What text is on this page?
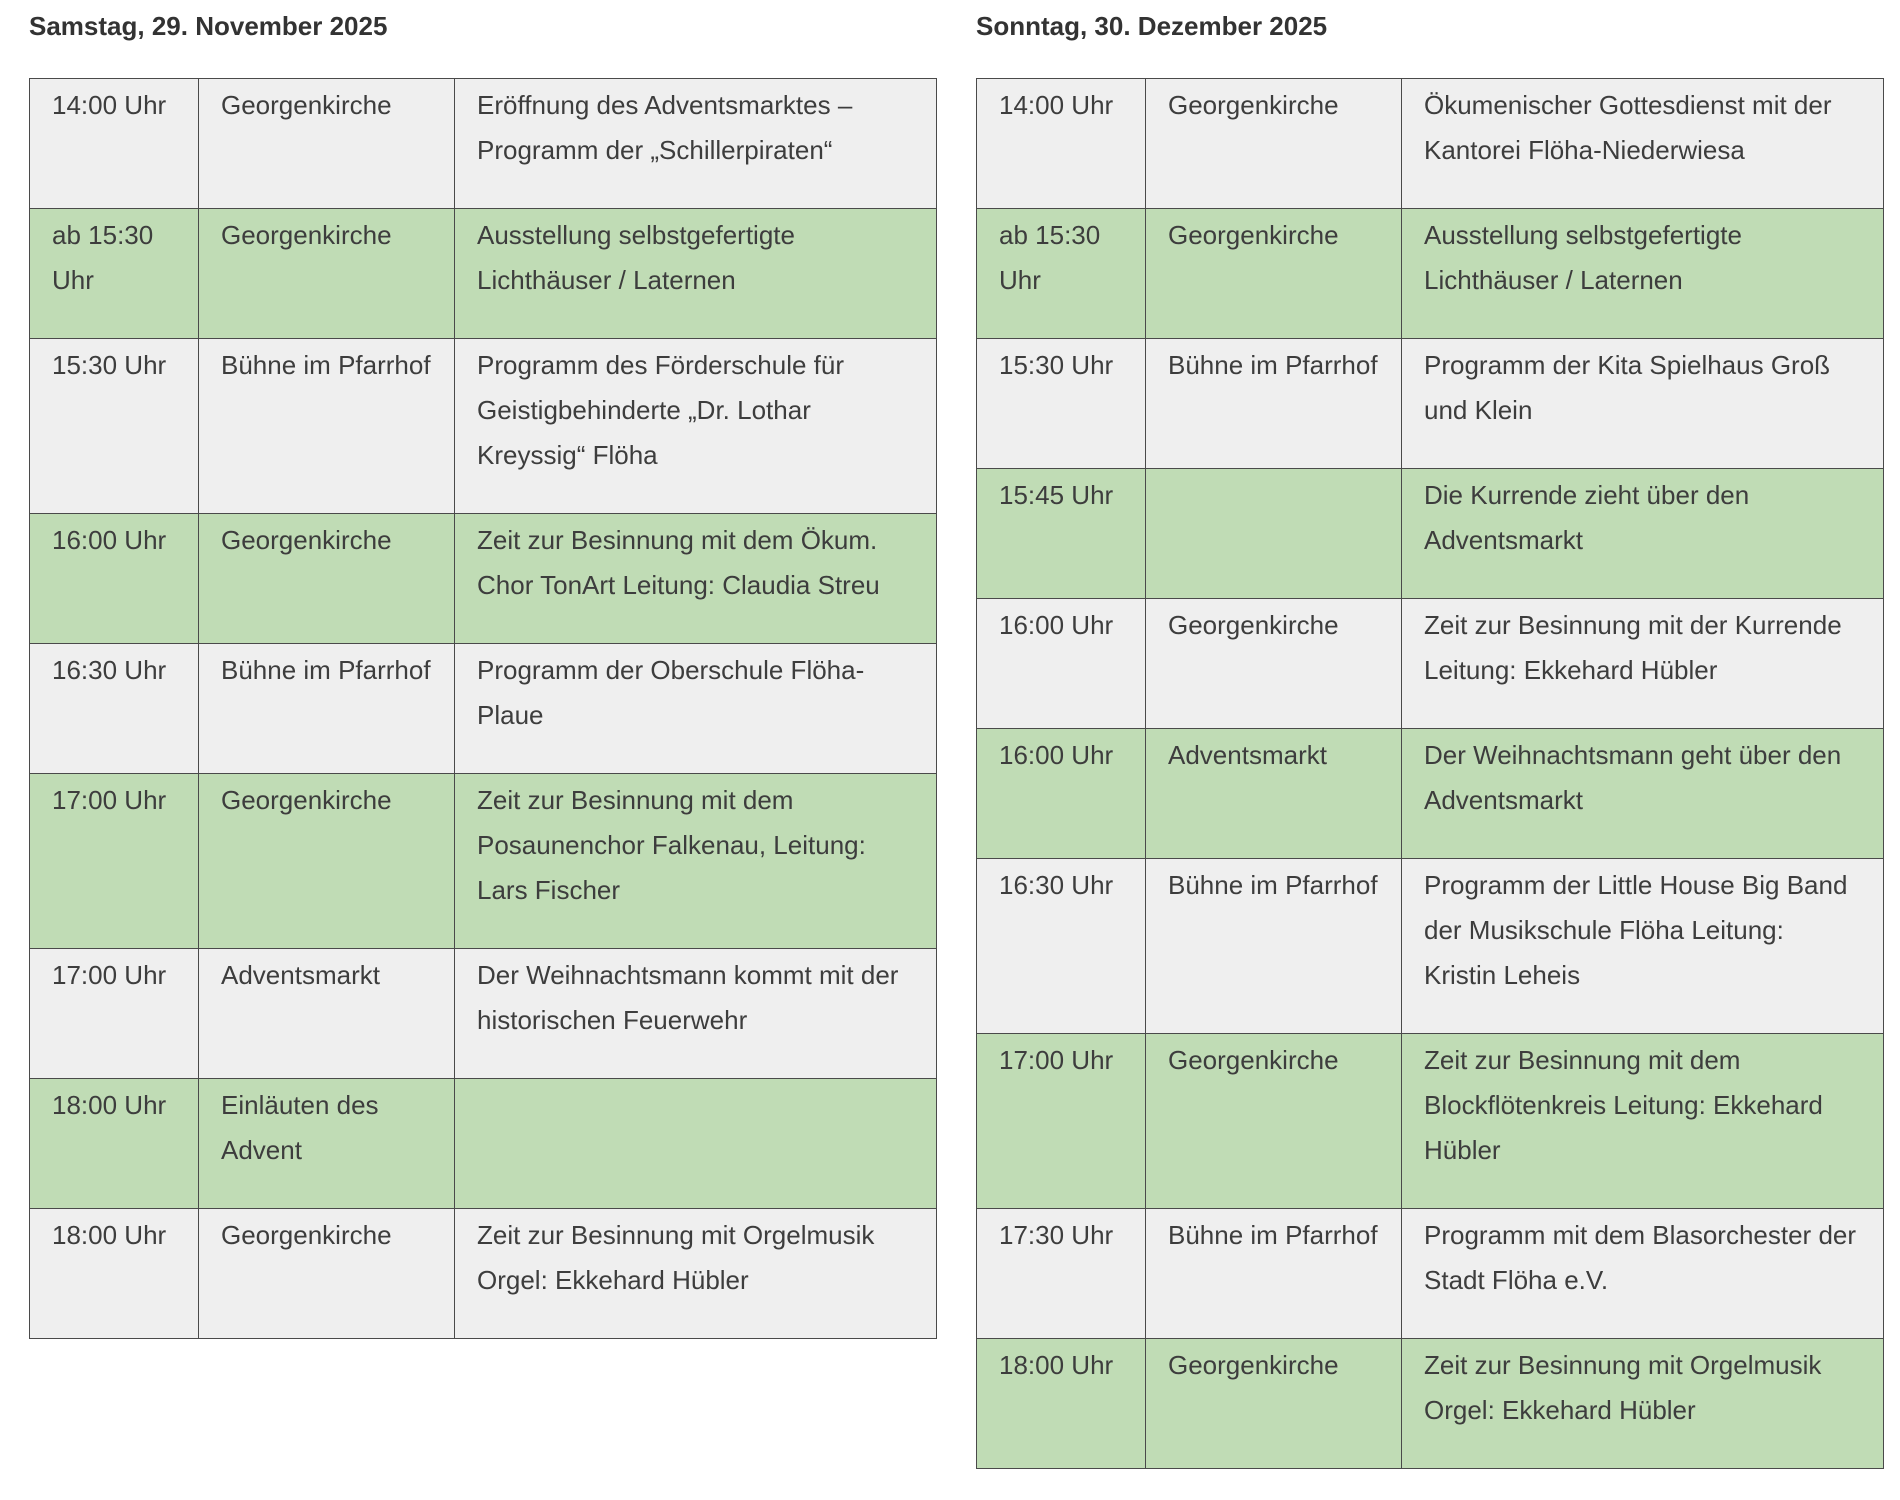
Samstag, 29. November 2025
14:00 Uhr	Georgenkirche	Eröffnung des Adventsmarktes – Programm der „Schillerpiraten“
ab 15:30 Uhr	Georgenkirche	Ausstellung selbstgefertigte Lichthäuser / Laternen
15:30 Uhr	Bühne im Pfarrhof	Programm des Förderschule für Geistigbehinderte „Dr. Lothar Kreyssig“ Flöha
16:00 Uhr	Georgenkirche	Zeit zur Besinnung mit dem Ökum. Chor TonArt Leitung: Claudia Streu
16:30 Uhr	Bühne im Pfarrhof	Programm der Oberschule Flöha-Plaue
17:00 Uhr	Georgenkirche	Zeit zur Besinnung mit dem Posaunenchor Falkenau, Leitung: Lars Fischer
17:00 Uhr	Adventsmarkt	Der Weihnachtsmann kommt mit der historischen Feuerwehr
18:00 Uhr	Einläuten des Advent	
18:00 Uhr	Georgenkirche	Zeit zur Besinnung mit Orgelmusik Orgel: Ekkehard Hübler
Sonntag, 30. Dezember 2025
14:00 Uhr	Georgenkirche	Ökumenischer Gottesdienst mit der Kantorei Flöha-Niederwiesa
ab 15:30 Uhr	Georgenkirche	Ausstellung selbstgefertigte Lichthäuser / Laternen
15:30 Uhr	Bühne im Pfarrhof	Programm der Kita Spielhaus Groß und Klein
15:45 Uhr		Die Kurrende zieht über den Adventsmarkt
16:00 Uhr	Georgenkirche	Zeit zur Besinnung mit der Kurrende Leitung: Ekkehard Hübler
16:00 Uhr	Adventsmarkt	Der Weihnachtsmann geht über den Adventsmarkt
16:30 Uhr	Bühne im Pfarrhof	Programm der Little House Big Band der Musikschule Flöha Leitung: Kristin Leheis
17:00 Uhr	Georgenkirche	Zeit zur Besinnung mit dem Blockflötenkreis Leitung: Ekkehard Hübler
17:30 Uhr	Bühne im Pfarrhof	Programm mit dem Blasorchester der Stadt Flöha e.V.
18:00 Uhr	Georgenkirche	Zeit zur Besinnung mit Orgelmusik Orgel: Ekkehard Hübler
